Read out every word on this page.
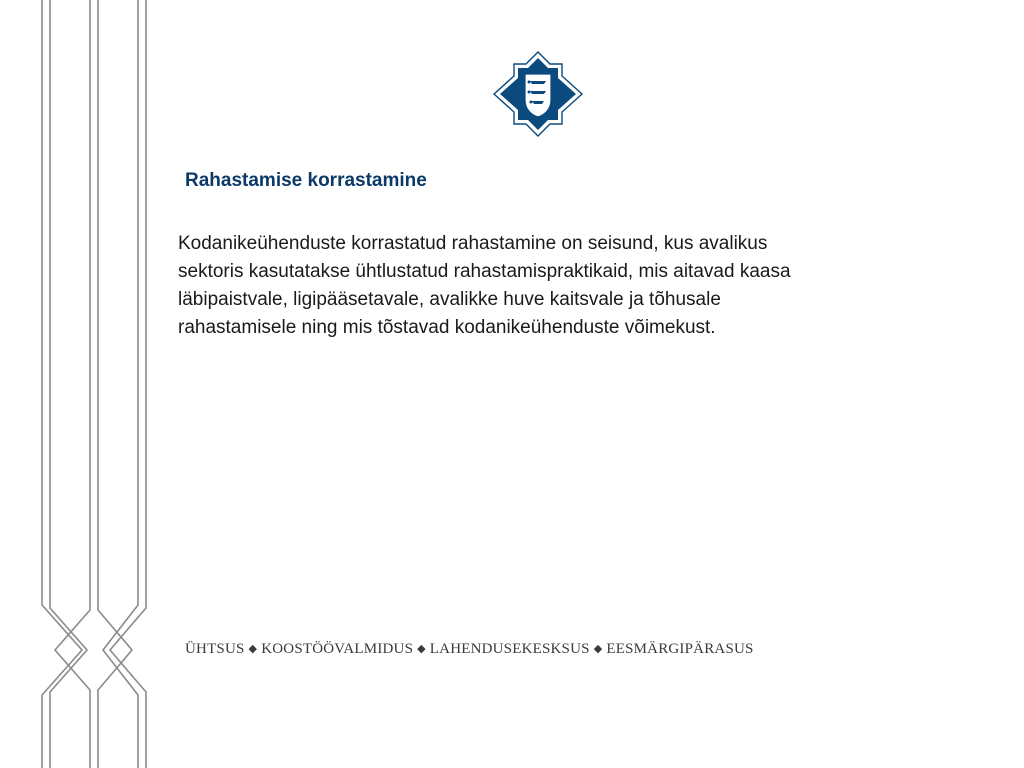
Rahastamise korrastamine

Kodanikeühenduste korrastatud rahastamine on seisund, kus avalikus
sektoris kasutatakse ühtlustatud rahastamispraktikaid, mis aitavad kaasa
läbipaistvale, ligipääsetavale, avalikke huve kaitsvale ja tõhusale
rahastamisele ning mis tõstavad kodanikeühenduste võimekust.

ÜHTSUS ◆ KOOSTÖÖVALMIDUS ◆ LAHENDUSEKESKSUS ◆ EESMÄRGIPÄRASUS
